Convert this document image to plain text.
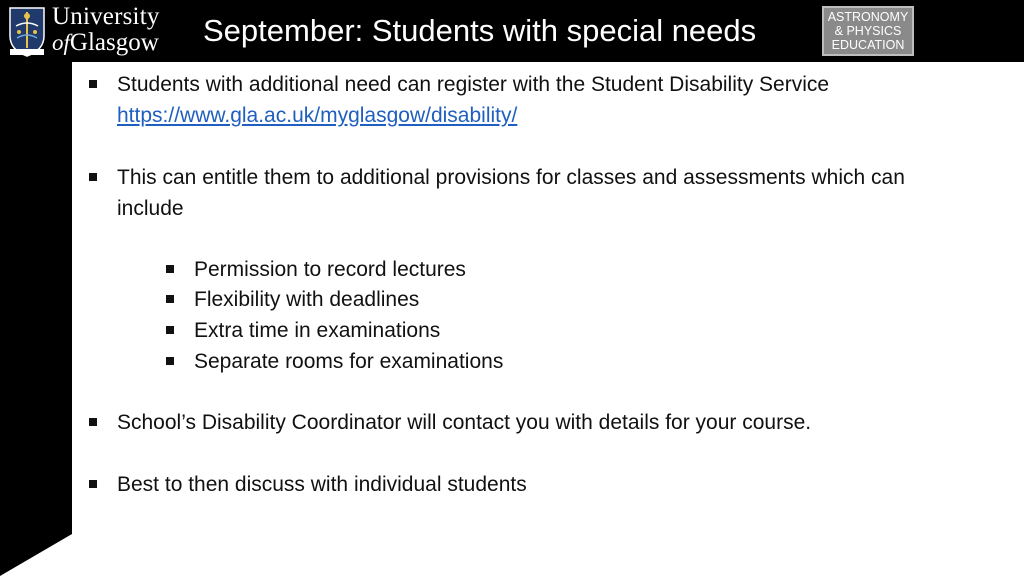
University
ofGlasgow September: Students with special needs	ASTRONOMY
& PHYSICS
EDUCATION
Students with additional need can register with the Student Disability Service
https://www.gla.ac.uk/myglasgow/disability/
This can entitle them to additional provisions for classes and assessments which can
include
Permission to record lectures
Flexibility with deadlines
Extra time in examinations
Separate rooms for examinations
School’s Disability Coordinator will contact you with details for your course.
Best to then discuss with individual students
